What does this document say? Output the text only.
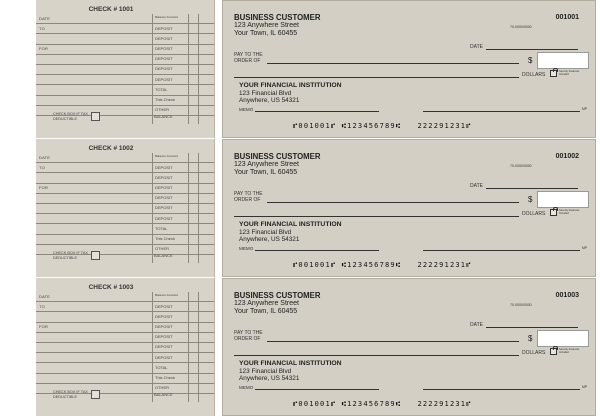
CHECK # 1001
DATE	Balance Forward
TO	DEPOSIT
DEPOSIT
FOR	DEPOSIT
DEPOSIT
DEPOSIT
DEPOSIT
TOTAL
This Check
OTHER
CHECK BOX IF TAX DEDUCTIBLE	BALANCE
BUSINESS CUSTOMER
123 Anywhere Street
Your Town, IL 60455
001001
70-0000/0000
DATE
PAY TO THE
ORDER OF	$
DOLLARS
Security Features Included
YOUR FINANCIAL INSTITUTION
123 Financial Blvd
Anywhere, US 54321
MEMO	MP
⑈001001⑈ ⑆123456789⑆   222291231⑈
CHECK # 1002
DATE	Balance Forward
TO	DEPOSIT
DEPOSIT
FOR	DEPOSIT
DEPOSIT
DEPOSIT
DEPOSIT
TOTAL
This Check
OTHER
CHECK BOX IF TAX DEDUCTIBLE	BALANCE
BUSINESS CUSTOMER
123 Anywhere Street
Your Town, IL 60455
001002
70-0000/0000
DATE
PAY TO THE
ORDER OF	$
DOLLARS
Security Features Included
YOUR FINANCIAL INSTITUTION
123 Financial Blvd
Anywhere, US 54321
MEMO	MP
⑈001001⑈ ⑆123456789⑆   222291231⑈
CHECK # 1003
DATE	Balance Forward
TO	DEPOSIT
DEPOSIT
FOR	DEPOSIT
DEPOSIT
DEPOSIT
DEPOSIT
TOTAL
This Check
OTHER
CHECK BOX IF TAX DEDUCTIBLE	BALANCE
BUSINESS CUSTOMER
123 Anywhere Street
Your Town, IL 60455
001003
70-0000/0000
DATE
PAY TO THE
ORDER OF	$
DOLLARS
Security Features Included
YOUR FINANCIAL INSTITUTION
123 Financial Blvd
Anywhere, US 54321
MEMO	MP
⑈001001⑈ ⑆123456789⑆   222291231⑈
